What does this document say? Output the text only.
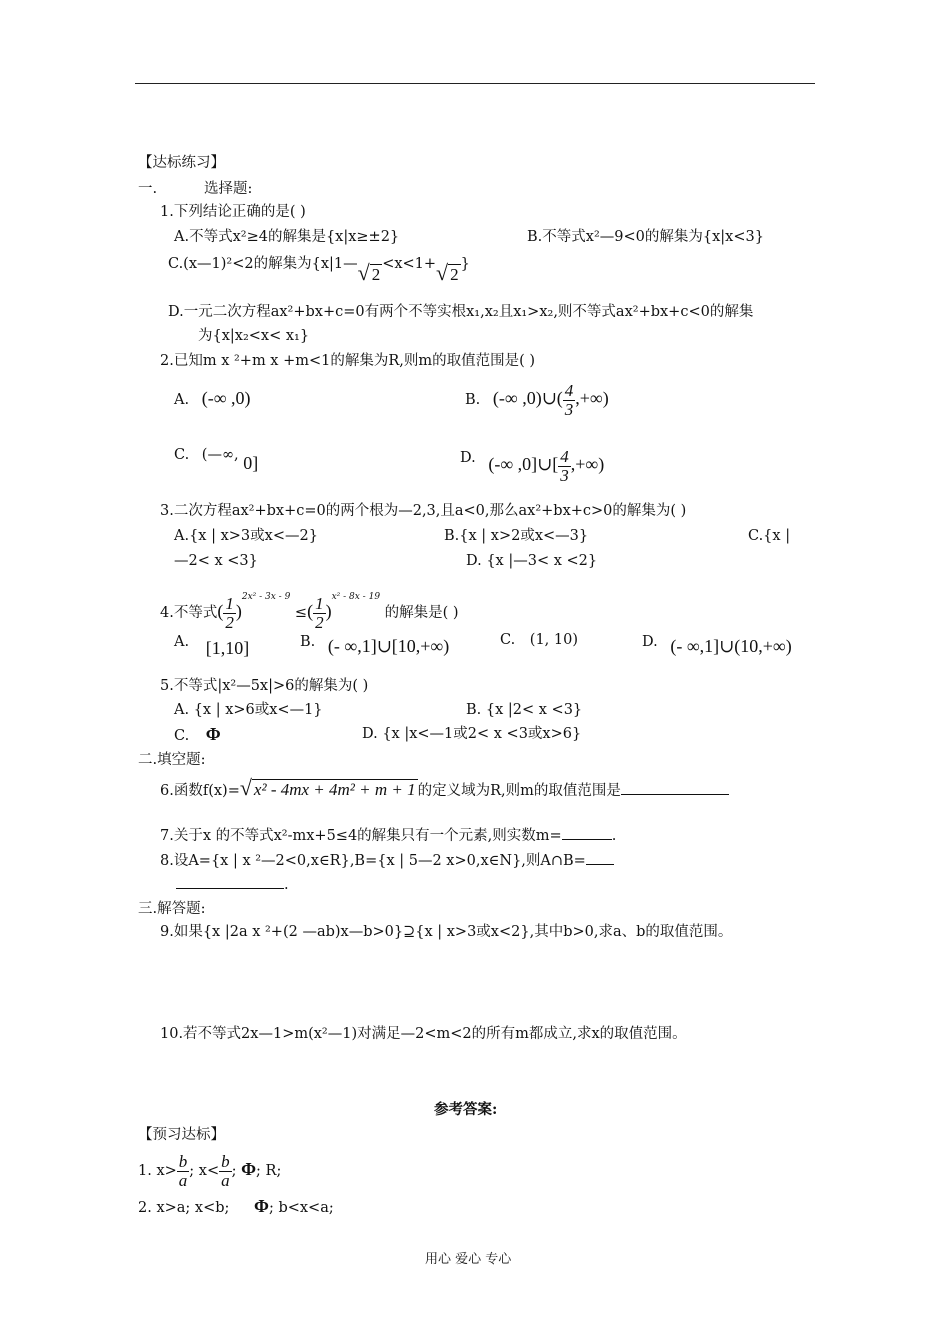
【达标练习】
一.	选择题:
1.下列结论正确的是( )
A.不等式x²≥4的解集是{x|x≥±2}	B.不等式x²—9<0的解集为{x|x<3}
C.(x—1)²<2的解集为{x|1—√ 2<x<1+√ 2}
D.一元二次方程ax²+bx+c=0有两个不等实根x₁,x₂且x₁>x₂,则不等式ax²+bx+c<0的解集
为{x|x₂<x< x₁}
2.已知m x ²+m x +m<1的解集为R,则m的取值范围是( )
A. (-∞ ,0)	B. (-∞ ,0)∪( $\frac{4}{3}$ ,+∞)
C. (—∞, 0]	D. (-∞ ,0]∪[ $\frac{4}{3}$ ,+∞)
3.二次方程ax²+bx+c=0的两个根为—2,3,且a<0,那么ax²+bx+c>0的解集为( )
A.{x | x>3或x<—2}	B.{x | x>2或x<—3}	C.{x |
—2< x <3}	D. {x |—3< x <2}
4.不等式( $\frac{1}{2} )^{2x^2 - 3x - 9}$ ≤( $\frac{1}{2} )^{x^2 - 8x - 19}$ 的解集是( )
A. [1,10]	B. (- ∞,1]∪[10,+∞)	C. (1, 10)	D. (- ∞,1]∪(10,+∞)
5.不等式|x²—5x|>6的解集为( )
A. {x | x>6或x<—1}	B. {x |2< x <3}
C. Φ	D. {x |x<—1或2< x <3或x>6}
二.填空题:
6.函数f(x)=√ x² - 4mx + 4m² + m + 1 的定义域为R,则m的取值范围是
7.关于x 的不等式x²-mx+5≤4的解集只有一个元素,则实数m=	.
8.设A={x | x ²—2<0,x∈R},B={x | 5—2 x>0,x∈N},则A∩B=
.
三.解答题:
9.如果{x |2a x ²+(2 —ab)x—b>0}⊇{x | x>3或x<2},其中b>0,求a、b的取值范围。
10.若不等式2x—1>m(x²—1)对满足—2<m<2的所有m都成立,求x的取值范围。
参考答案:
【预习达标】
1. $x> \frac{b}{a}$ ; $x< \frac{b}{a}$ ; Φ; R;
2. x>a; x<b; Φ; b<x<a;
用心 爱心 专心
